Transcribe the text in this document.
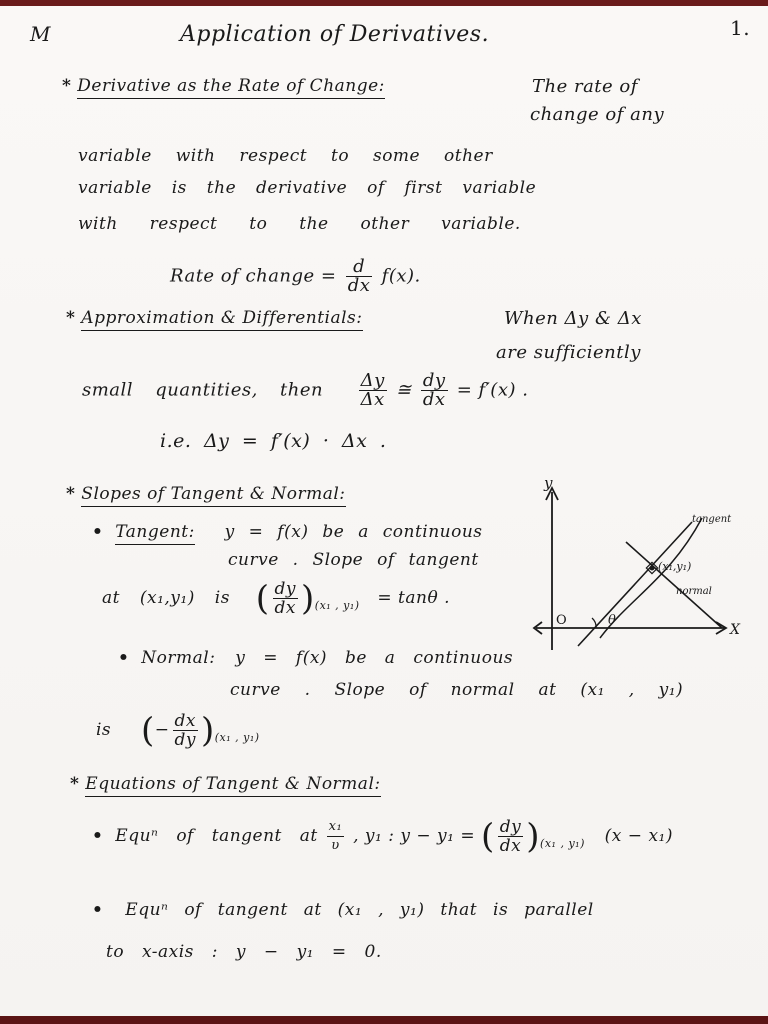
M	Application of Derivatives.	1.
* Derivative as the Rate of Change:	The rate of
change of any
variable with respect to some other
variable is the derivative of first variable
with respect to the other variable.
Rate of change = $\frac{d}{dx} f(x)$.
* Approximation & Differentials:	When Δy & Δx
are sufficiently
small quantities, then $\frac{\Delta y}{\Delta x}$ ≅ $\frac{dy}{dx} = f'(x)$ .
i.e. Δy = f′(x) · Δx .
* Slopes of Tangent & Normal:
• Tangent: y = f(x) be a continuous
curve . Slope of tangent
at (x₁,y₁) is ( $\frac{dy}{dx} )_{(x_1 , y_1)} = \tan\theta$ .
• Normal: y = f(x) be a continuous
curve . Slope of normal at (x₁ , y₁)
is (− $\frac{dx}{dy} )_{(x_1 , y_1)}$
y
X
O	θ
tangent
normal
(x₁,y₁)
* Equations of Tangent & Normal:
• Equⁿ of tangent at $\frac{\text{x₁}}{\upsilon}$ , y₁ : y − y₁ = ( $\frac{dy}{dx} )_{(x_1 , y_1)}$ (x − x₁)
• Equⁿ of tangent at (x₁ , y₁) that is parallel
to x-axis : y − y₁ = 0.
